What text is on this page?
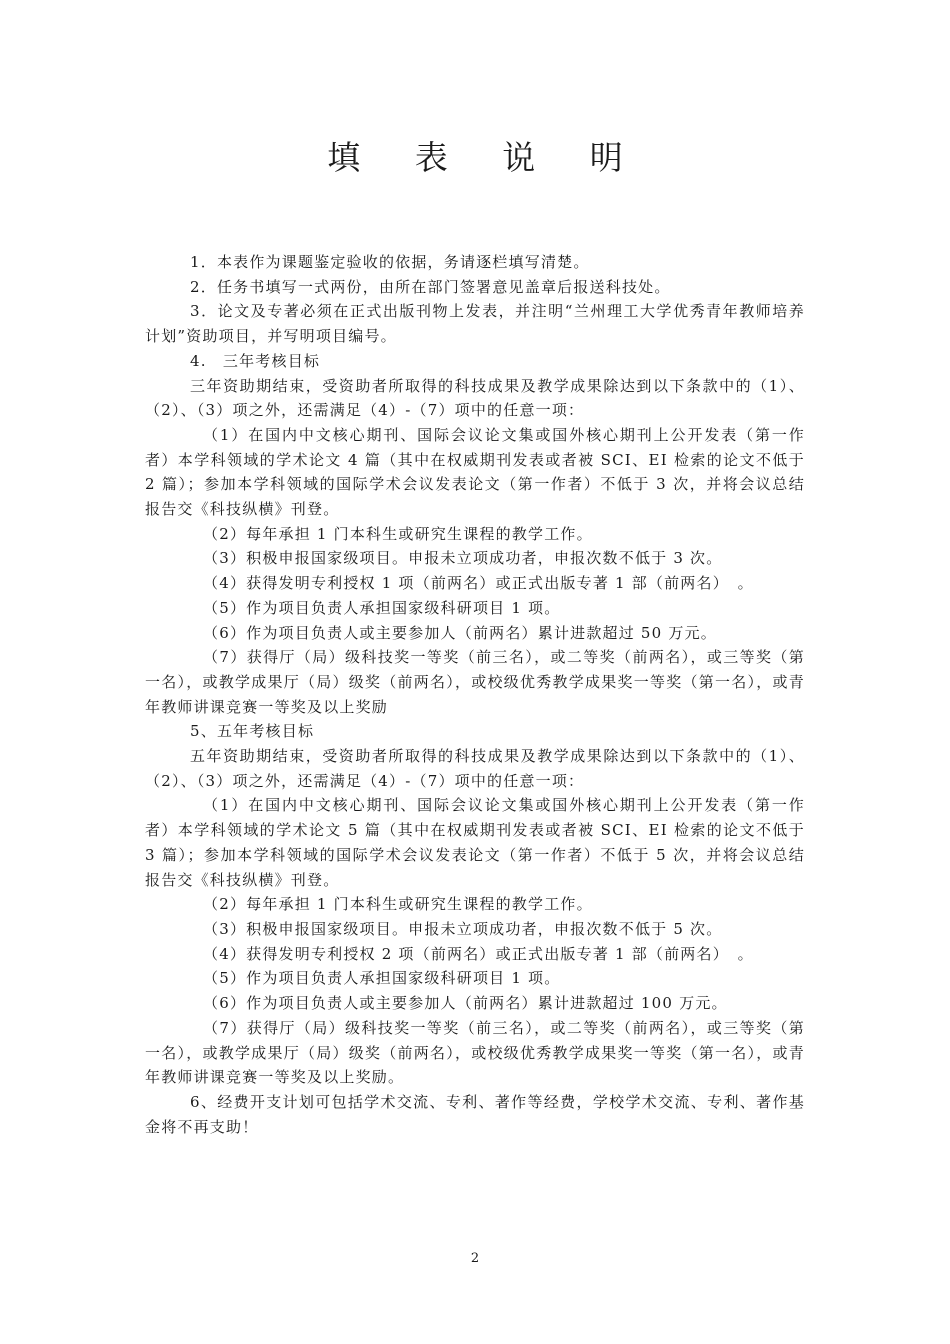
填 表 说 明

1．本表作为课题鉴定验收的依据，务请逐栏填写清楚。

2．任务书填写一式两份，由所在部门签署意见盖章后报送科技处。

3．论文及专著必须在正式出版刊物上发表，并注明“兰州理工大学优秀青年教师培养计划”资助项目，并写明项目编号。

4.　三年考核目标

三年资助期结束，受资助者所取得的科技成果及教学成果除达到以下条款中的（1）、（2）、（3）项之外，还需满足（4）-（7）项中的任意一项：

（1）在国内中文核心期刊、国际会议论文集或国外核心期刊上公开发表（第一作者）本学科领域的学术论文 4 篇（其中在权威期刊发表或者被 SCI、EI 检索的论文不低于 2 篇）；参加本学科领域的国际学术会议发表论文（第一作者）不低于 3 次，并将会议总结报告交《科技纵横》刊登。

（2）每年承担 1 门本科生或研究生课程的教学工作。

（3）积极申报国家级项目。申报未立项成功者，申报次数不低于 3 次。

（4）获得发明专利授权 1 项（前两名）或正式出版专著 1 部（前两名）　。

（5）作为项目负责人承担国家级科研项目 1 项。

（6）作为项目负责人或主要参加人（前两名）累计进款超过 50 万元。

（7）获得厅（局）级科技奖一等奖（前三名），或二等奖（前两名），或三等奖（第一名），或教学成果厅（局）级奖（前两名），或校级优秀教学成果奖一等奖（第一名），或青年教师讲课竞赛一等奖及以上奖励

5、五年考核目标

五年资助期结束，受资助者所取得的科技成果及教学成果除达到以下条款中的（1）、（2）、（3）项之外，还需满足（4）-（7）项中的任意一项：

（1）在国内中文核心期刊、国际会议论文集或国外核心期刊上公开发表（第一作者）本学科领域的学术论文 5 篇（其中在权威期刊发表或者被 SCI、EI 检索的论文不低于 3 篇）；参加本学科领域的国际学术会议发表论文（第一作者）不低于 5 次，并将会议总结报告交《科技纵横》刊登。

（2）每年承担 1 门本科生或研究生课程的教学工作。

（3）积极申报国家级项目。申报未立项成功者，申报次数不低于 5 次。

（4）获得发明专利授权 2 项（前两名）或正式出版专著 1 部（前两名）　。

（5）作为项目负责人承担国家级科研项目 1 项。

（6）作为项目负责人或主要参加人（前两名）累计进款超过 100 万元。

（7）获得厅（局）级科技奖一等奖（前三名），或二等奖（前两名），或三等奖（第一名），或教学成果厅（局）级奖（前两名），或校级优秀教学成果奖一等奖（第一名），或青年教师讲课竞赛一等奖及以上奖励。

6、经费开支计划可包括学术交流、专利、著作等经费，学校学术交流、专利、著作基金将不再支助！

2
